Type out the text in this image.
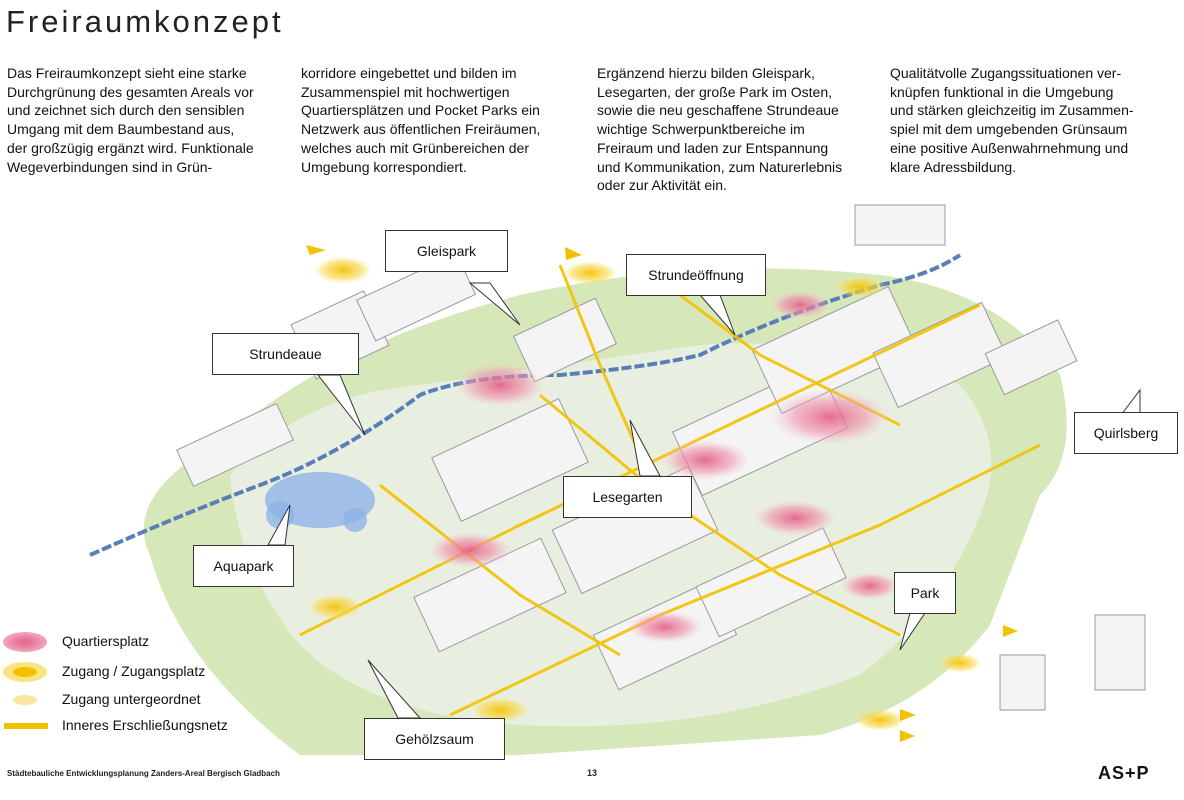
Freiraumkonzept
Das Freiraumkonzept sieht eine starke
Durchgrünung des gesamten Areals vor
und zeichnet sich durch den sensiblen
Umgang mit dem Baumbestand aus,
der großzügig ergänzt wird. Funktionale
Wegeverbindungen sind in Grün-
korridore eingebettet und bilden im
Zusammenspiel mit hochwertigen
Quartiersplätzen und Pocket Parks ein
Netzwerk aus öffentlichen Freiräumen,
welches auch mit Grünbereichen der
Umgebung korrespondiert.
Ergänzend hierzu bilden Gleispark,
Lesegarten, der große Park im Osten,
sowie die neu geschaffene Strundeaue
wichtige Schwerpunktbereiche im
Freiraum und laden zur Entspannung
und Kommunikation, zum Naturerlebnis
oder zur Aktivität ein.
Qualitätvolle Zugangssituationen ver-
knüpfen funktional in die Umgebung
und stärken gleichzeitig im Zusammen-
spiel mit dem umgebenden Grünsaum
eine positive Außenwahrnehmung und
klare Adressbildung.
Gleispark
Strundeöffnung
Strundeaue
Quirlsberg
Lesegarten
Aquapark
Park
Gehölzsaum
Quartiersplatz
Zugang / Zugangsplatz
Zugang untergeordnet
Inneres Erschließungsnetz
Städtebauliche Entwicklungsplanung Zanders-Areal Bergisch Gladbach	13	AS+P
